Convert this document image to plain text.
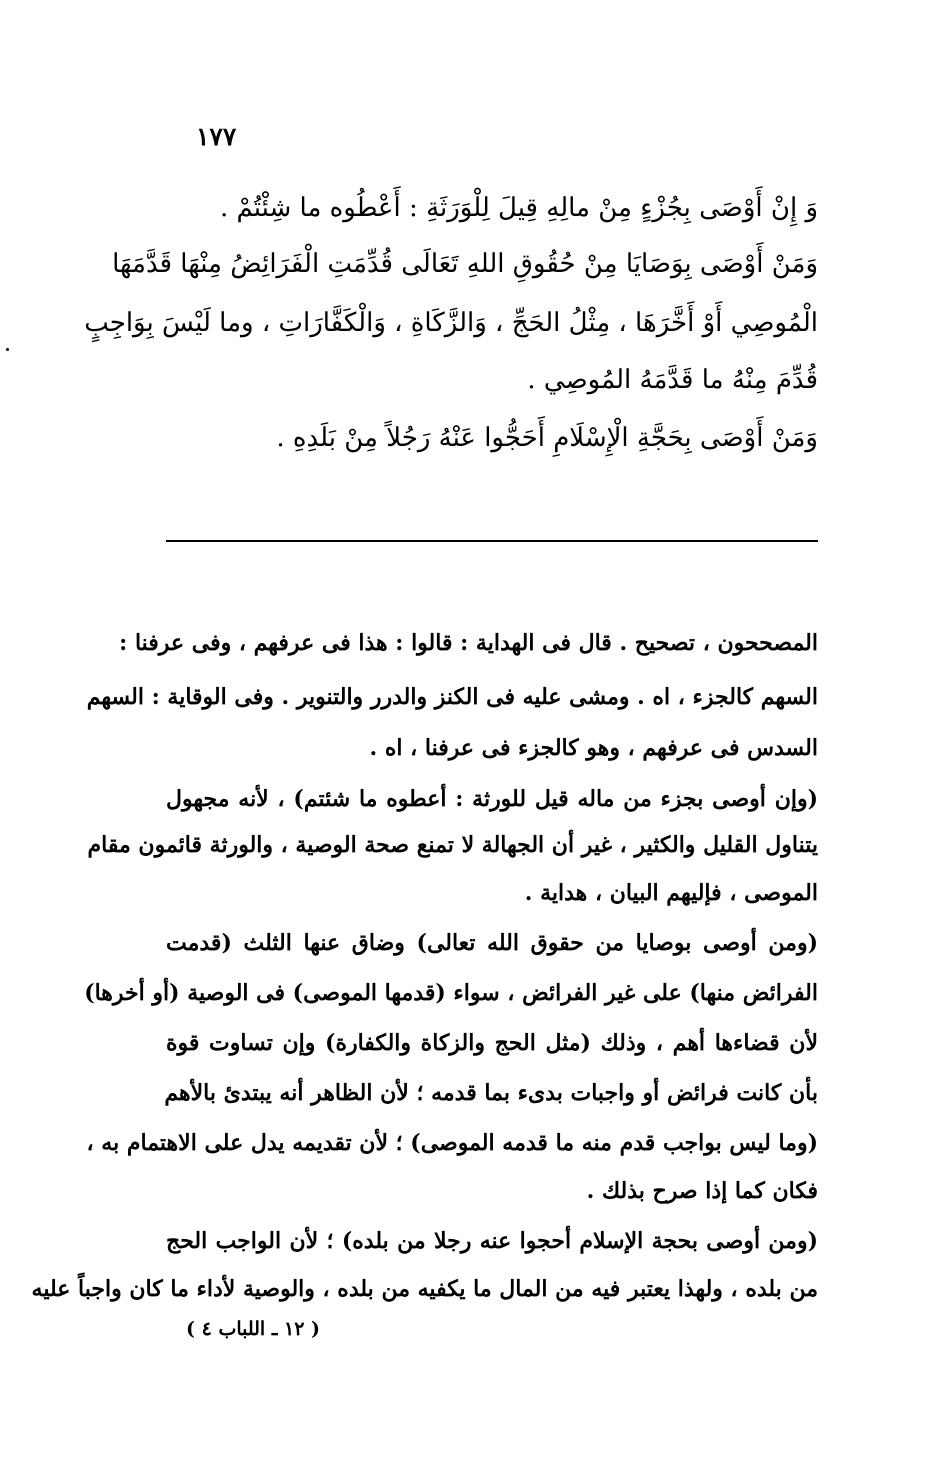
١٧٧
وَ إِنْ أَوْصَى بِجُزْءٍ مِنْ مالِهِ قِيلَ لِلْوَرَثَةِ : أَعْطُوه ما شِئْتُمْ .
وَمَنْ أَوْصَى بِوَصَايَا مِنْ حُقُوقِ اللهِ تَعَالَى قُدِّمَتِ الْفَرَائِضُ مِنْهَا قَدَّمَهَا
الْمُوصِي أَوْ أَخَّرَهَا ، مِثْلُ الحَجِّ ، وَالزَّكَاةِ ، وَالْكَفَّارَاتِ ، وما لَيْسَ بِوَاجِبٍ
قُدِّمَ مِنْهُ ما قَدَّمَهُ المُوصِي .
وَمَنْ أَوْصَى بِحَجَّةِ الْإِسْلَامِ أَحَجُّوا عَنْهُ رَجُلاً مِنْ بَلَدِهِ .
المصححون ، تصحيح . قال فى الهداية : قالوا : هذا فى عرفهم ، وفى عرفنا :
السهم كالجزء ، اه . ومشى عليه فى الكنز والدرر والتنوير . وفى الوقاية : السهم
السدس فى عرفهم ، وهو كالجزء فى عرفنا ، اه .
(وإن أوصى بجزء من ماله قيل للورثة : أعطوه ما شئتم) ، لأنه مجهول
يتناول القليل والكثير ، غير أن الجهالة لا تمنع صحة الوصية ، والورثة قائمون مقام
الموصى ، فإليهم البيان ، هداية .
(ومن أوصى بوصايا من حقوق الله تعالى) وضاق عنها الثلث (قدمت
الفرائض منها) على غير الفرائض ، سواء (قدمها الموصى) فى الوصية (أو أخرها)
لأن قضاءها أهم ، وذلك (مثل الحج والزكاة والكفارة) وإن تساوت قوة
بأن كانت فرائض أو واجبات بدىء بما قدمه ؛ لأن الظاهر أنه يبتدئ بالأهم
(وما ليس بواجب قدم منه ما قدمه الموصى) ؛ لأن تقديمه يدل على الاهتمام به ،
فكان كما إذا صرح بذلك .
(ومن أوصى بحجة الإسلام أحجوا عنه رجلا من بلده) ؛ لأن الواجب الحج
من بلده ، ولهذا يعتبر فيه من المال ما يكفيه من بلده ، والوصية لأداء ما كان واجباً عليه
( ١٢ ـ اللباب ٤ )
